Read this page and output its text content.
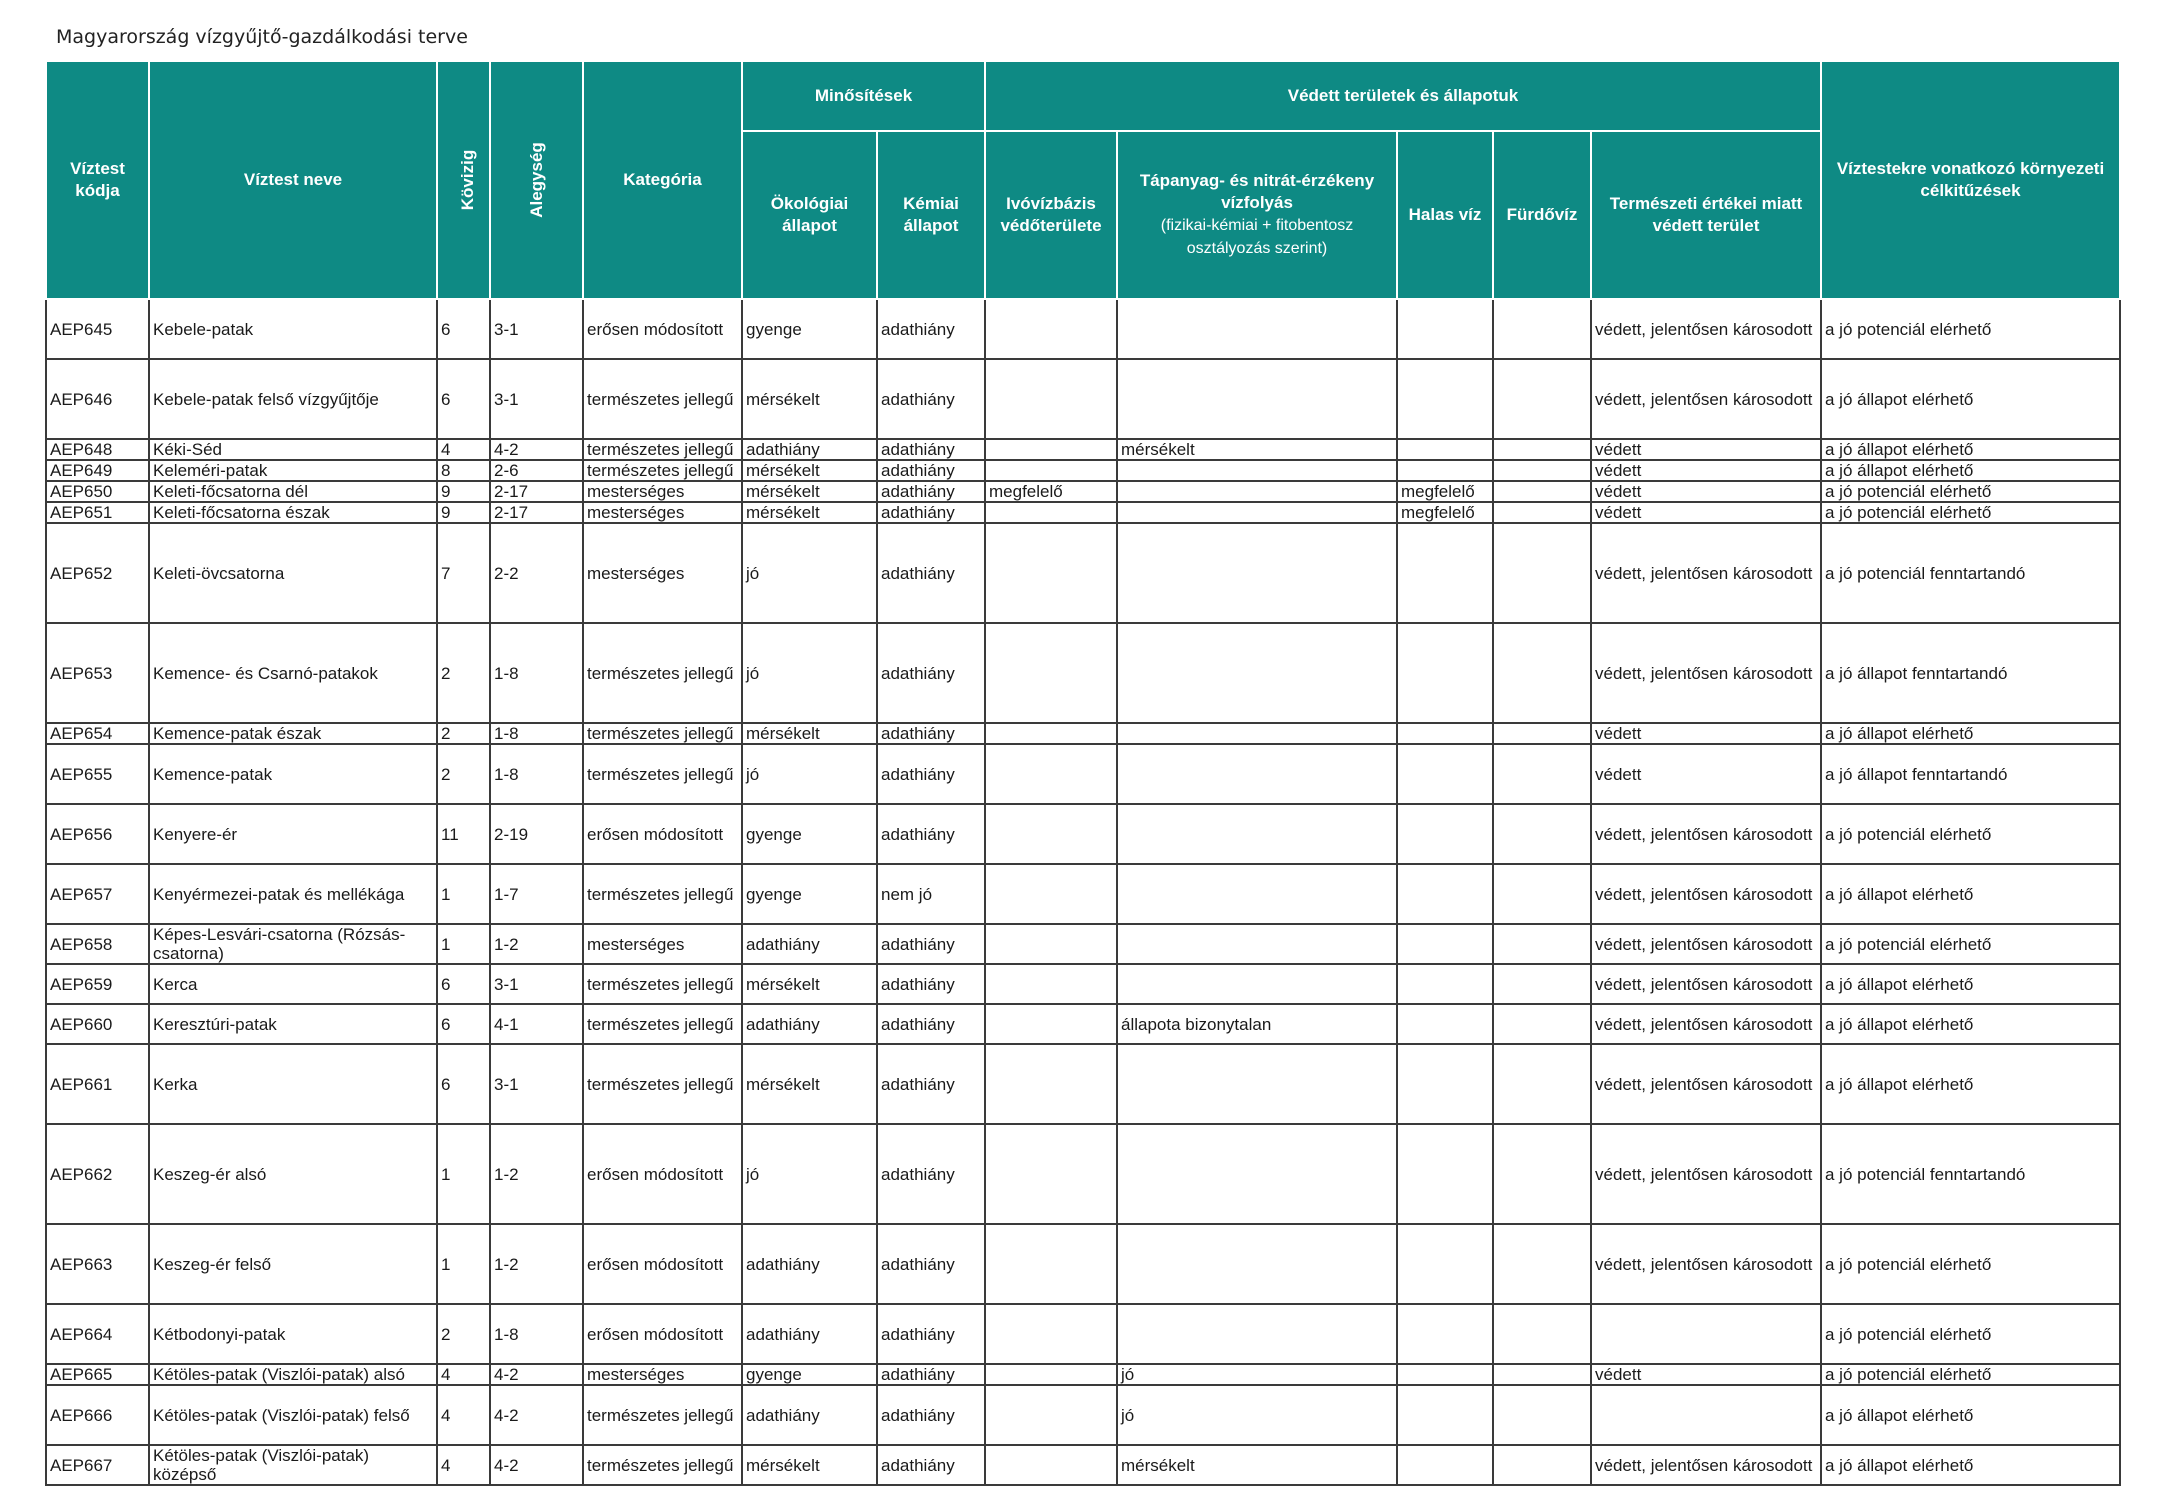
Magyarország vízgyűjtő-gazdálkodási terve
Víztest kódja	Víztest neve	Kövizig	Alegység	Kategória	Minősítések		Védett területek és állapotuk					Víztestekre vonatkozó környezeti célkitűzések
					Ökológiai állapot	Kémiai állapot	Ivóvízbázis védőterülete	Tápanyag- és nitrát-érzékeny vízfolyás
(fizikai-kémiai + fitobentosz osztályozás szerint)	Halas víz	Fürdővíz	Természeti értékei miatt védett terület	
AEP645	Kebele-patak	6	3-1	erősen módosított	gyenge	adathiány					védett, jelentősen károsodott	a jó potenciál elérhető
AEP646	Kebele-patak felső vízgyűjtője	6	3-1	természetes jellegű	mérsékelt	adathiány					védett, jelentősen károsodott	a jó állapot elérhető
AEP648	Kéki-Séd	4	4-2	természetes jellegű	adathiány	adathiány		mérsékelt			védett	a jó állapot elérhető
AEP649	Keleméri-patak	8	2-6	természetes jellegű	mérsékelt	adathiány					védett	a jó állapot elérhető
AEP650	Keleti-főcsatorna dél	9	2-17	mesterséges	mérsékelt	adathiány	megfelelő		megfelelő		védett	a jó potenciál elérhető
AEP651	Keleti-főcsatorna észak	9	2-17	mesterséges	mérsékelt	adathiány			megfelelő		védett	a jó potenciál elérhető
AEP652	Keleti-övcsatorna	7	2-2	mesterséges	jó	adathiány					védett, jelentősen károsodott	a jó potenciál fenntartandó
AEP653	Kemence- és Csarnó-patakok	2	1-8	természetes jellegű	jó	adathiány					védett, jelentősen károsodott	a jó állapot fenntartandó
AEP654	Kemence-patak észak	2	1-8	természetes jellegű	mérsékelt	adathiány					védett	a jó állapot elérhető
AEP655	Kemence-patak	2	1-8	természetes jellegű	jó	adathiány					védett	a jó állapot fenntartandó
AEP656	Kenyere-ér	11	2-19	erősen módosított	gyenge	adathiány					védett, jelentősen károsodott	a jó potenciál elérhető
AEP657	Kenyérmezei-patak és mellékága	1	1-7	természetes jellegű	gyenge	nem jó					védett, jelentősen károsodott	a jó állapot elérhető
AEP658	Képes-Lesvári-csatorna (Rózsás-csatorna)	1	1-2	mesterséges	adathiány	adathiány					védett, jelentősen károsodott	a jó potenciál elérhető
AEP659	Kerca	6	3-1	természetes jellegű	mérsékelt	adathiány					védett, jelentősen károsodott	a jó állapot elérhető
AEP660	Keresztúri-patak	6	4-1	természetes jellegű	adathiány	adathiány		állapota bizonytalan			védett, jelentősen károsodott	a jó állapot elérhető
AEP661	Kerka	6	3-1	természetes jellegű	mérsékelt	adathiány					védett, jelentősen károsodott	a jó állapot elérhető
AEP662	Keszeg-ér alsó	1	1-2	erősen módosított	jó	adathiány					védett, jelentősen károsodott	a jó potenciál fenntartandó
AEP663	Keszeg-ér felső	1	1-2	erősen módosított	adathiány	adathiány					védett, jelentősen károsodott	a jó potenciál elérhető
AEP664	Kétbodonyi-patak	2	1-8	erősen módosított	adathiány	adathiány						a jó potenciál elérhető
AEP665	Kétöles-patak (Viszlói-patak) alsó	4	4-2	mesterséges	gyenge	adathiány		jó			védett	a jó potenciál elérhető
AEP666	Kétöles-patak (Viszlói-patak) felső	4	4-2	természetes jellegű	adathiány	adathiány		jó				a jó állapot elérhető
AEP667	Kétöles-patak (Viszlói-patak) középső	4	4-2	természetes jellegű	mérsékelt	adathiány		mérsékelt			védett, jelentősen károsodott	a jó állapot elérhető
